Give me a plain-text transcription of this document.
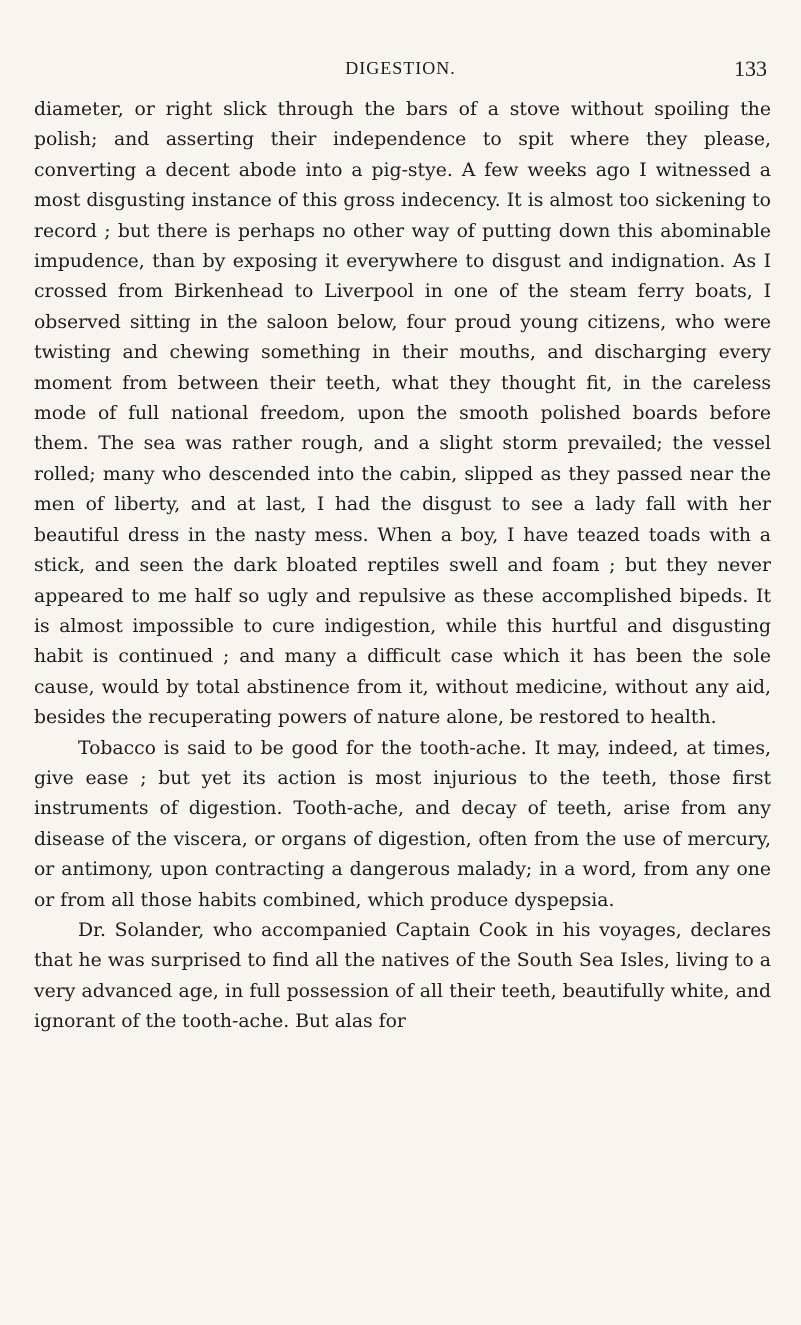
DIGESTION.	133

diameter, or right slick through the bars of a stove without spoiling the polish; and asserting their independence to spit where they please, converting a decent abode into a pig-stye. A few weeks ago I witnessed a most disgusting instance of this gross indecency. It is almost too sickening to record ; but there is perhaps no other way of putting down this abominable impudence, than by exposing it everywhere to disgust and indignation. As I crossed from Birkenhead to Liverpool in one of the steam ferry boats, I observed sitting in the saloon below, four proud young citizens, who were twisting and chewing something in their mouths, and discharging every moment from between their teeth, what they thought fit, in the careless mode of full national freedom, upon the smooth polished boards before them. The sea was rather rough, and a slight storm prevailed; the vessel rolled; many who descended into the cabin, slipped as they passed near the men of liberty, and at last, I had the disgust to see a lady fall with her beautiful dress in the nasty mess. When a boy, I have teazed toads with a stick, and seen the dark bloated reptiles swell and foam ; but they never appeared to me half so ugly and repulsive as these accomplished bipeds. It is almost impossible to cure indigestion, while this hurtful and disgusting habit is continued ; and many a difficult case which it has been the sole cause, would by total abstinence from it, without medicine, without any aid, besides the recuperating powers of nature alone, be restored to health.

Tobacco is said to be good for the tooth-ache. It may, indeed, at times, give ease ; but yet its action is most injurious to the teeth, those first instruments of digestion. Tooth-ache, and decay of teeth, arise from any disease of the viscera, or organs of digestion, often from the use of mercury, or antimony, upon contracting a dangerous malady; in a word, from any one or from all those habits combined, which produce dyspepsia.

Dr. Solander, who accompanied Captain Cook in his voyages, declares that he was surprised to find all the natives of the South Sea Isles, living to a very advanced age, in full possession of all their teeth, beautifully white, and ignorant of the tooth-ache. But alas for
